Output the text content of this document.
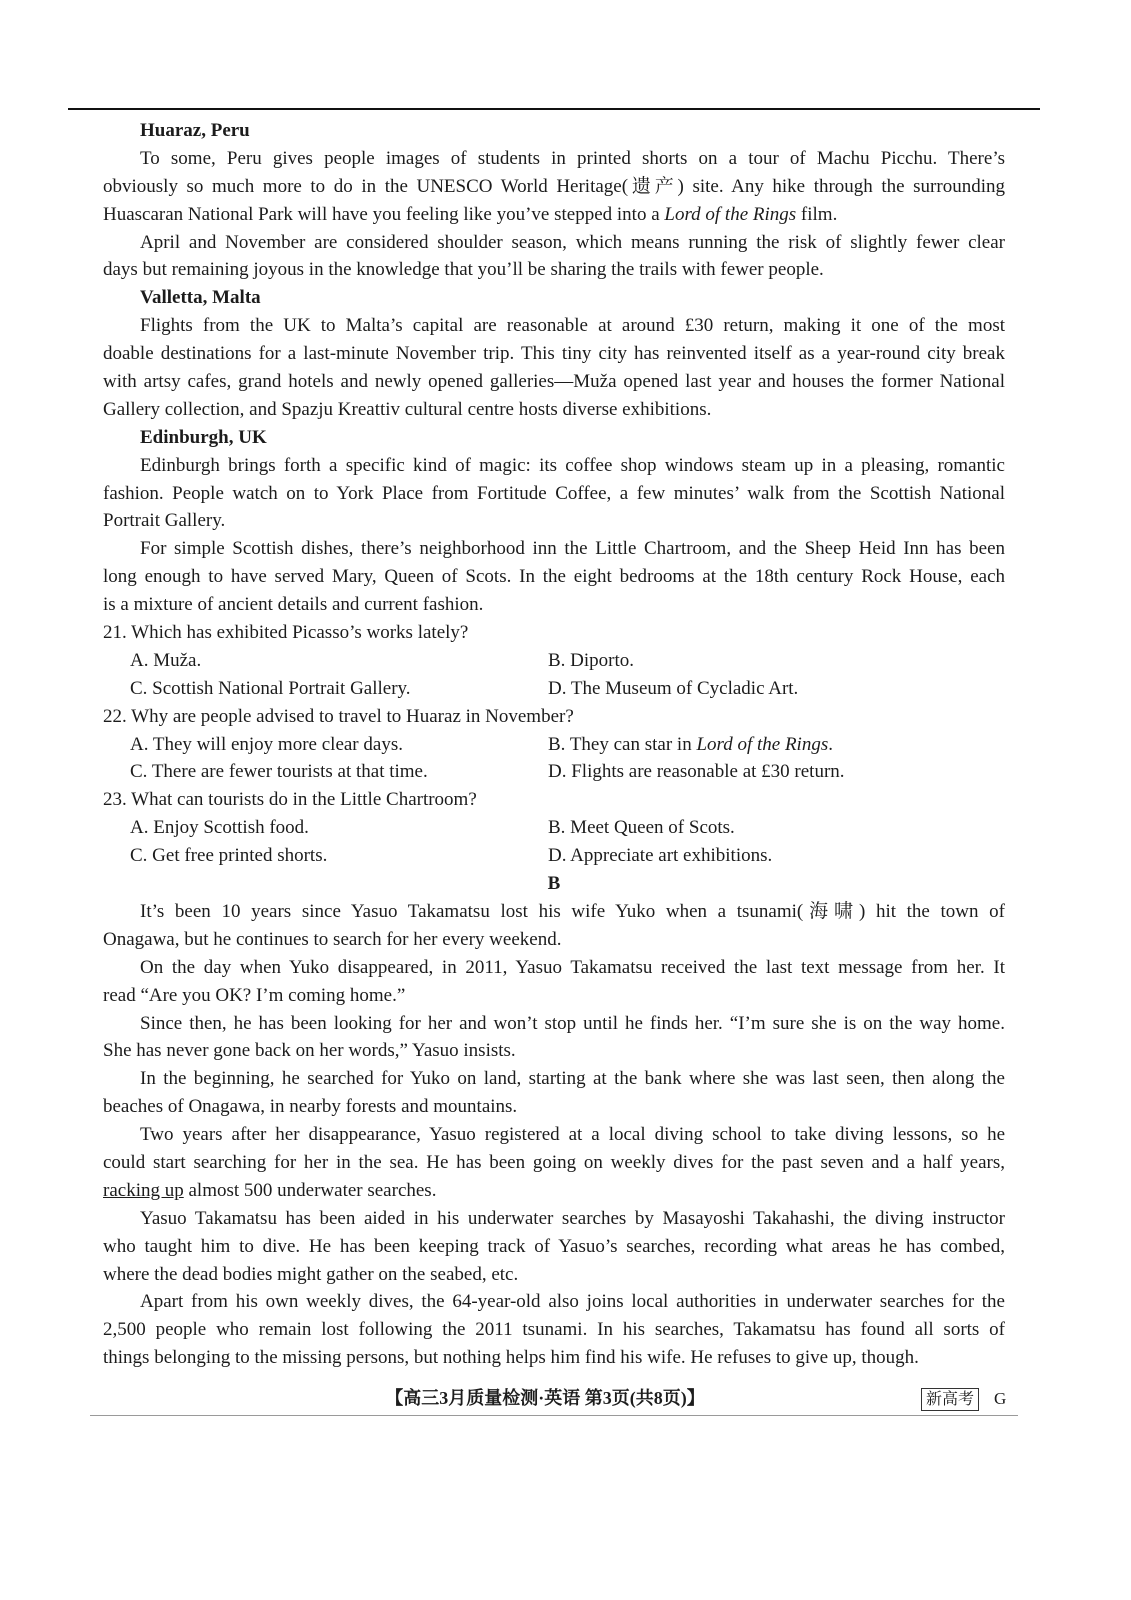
Huaraz, Peru
To some, Peru gives people images of students in printed shorts on a tour of Machu Picchu. There’s
obviously so much more to do in the UNESCO World Heritage(遗产) site. Any hike through the surrounding
Huascaran National Park will have you feeling like you’ve stepped into a Lord of the Rings film.
April and November are considered shoulder season, which means running the risk of slightly fewer clear
days but remaining joyous in the knowledge that you’ll be sharing the trails with fewer people.
Valletta, Malta
Flights from the UK to Malta’s capital are reasonable at around £30 return, making it one of the most
doable destinations for a last-minute November trip. This tiny city has reinvented itself as a year-round city break
with artsy cafes, grand hotels and newly opened galleries—Muža opened last year and houses the former National
Gallery collection, and Spazju Kreattiv cultural centre hosts diverse exhibitions.
Edinburgh, UK
Edinburgh brings forth a specific kind of magic: its coffee shop windows steam up in a pleasing, romantic
fashion. People watch on to York Place from Fortitude Coffee, a few minutes’ walk from the Scottish National
Portrait Gallery.
For simple Scottish dishes, there’s neighborhood inn the Little Chartroom, and the Sheep Heid Inn has been
long enough to have served Mary, Queen of Scots. In the eight bedrooms at the 18th century Rock House, each
is a mixture of ancient details and current fashion.
21. Which has exhibited Picasso’s works lately?
A. Muža.	B. Diporto.
C. Scottish National Portrait Gallery.	D. The Museum of Cycladic Art.
22. Why are people advised to travel to Huaraz in November?
A. They will enjoy more clear days.	B. They can star in Lord of the Rings.
C. There are fewer tourists at that time.	D. Flights are reasonable at £30 return.
23. What can tourists do in the Little Chartroom?
A. Enjoy Scottish food.	B. Meet Queen of Scots.
C. Get free printed shorts.	D. Appreciate art exhibitions.
B
It’s been 10 years since Yasuo Takamatsu lost his wife Yuko when a tsunami(海啸) hit the town of
Onagawa, but he continues to search for her every weekend.
On the day when Yuko disappeared, in 2011, Yasuo Takamatsu received the last text message from her. It
read “Are you OK? I’m coming home.”
Since then, he has been looking for her and won’t stop until he finds her. “I’m sure she is on the way home.
She has never gone back on her words,” Yasuo insists.
In the beginning, he searched for Yuko on land, starting at the bank where she was last seen, then along the
beaches of Onagawa, in nearby forests and mountains.
Two years after her disappearance, Yasuo registered at a local diving school to take diving lessons, so he
could start searching for her in the sea. He has been going on weekly dives for the past seven and a half years,
racking up almost 500 underwater searches.
Yasuo Takamatsu has been aided in his underwater searches by Masayoshi Takahashi, the diving instructor
who taught him to dive. He has been keeping track of Yasuo’s searches, recording what areas he has combed,
where the dead bodies might gather on the seabed, etc.
Apart from his own weekly dives, the 64-year-old also joins local authorities in underwater searches for the
2,500 people who remain lost following the 2011 tsunami. In his searches, Takamatsu has found all sorts of
things belonging to the missing persons, but nothing helps him find his wife. He refuses to give up, though.
【高三3月质量检测·英语 第3页(共8页)】	新高考 G
